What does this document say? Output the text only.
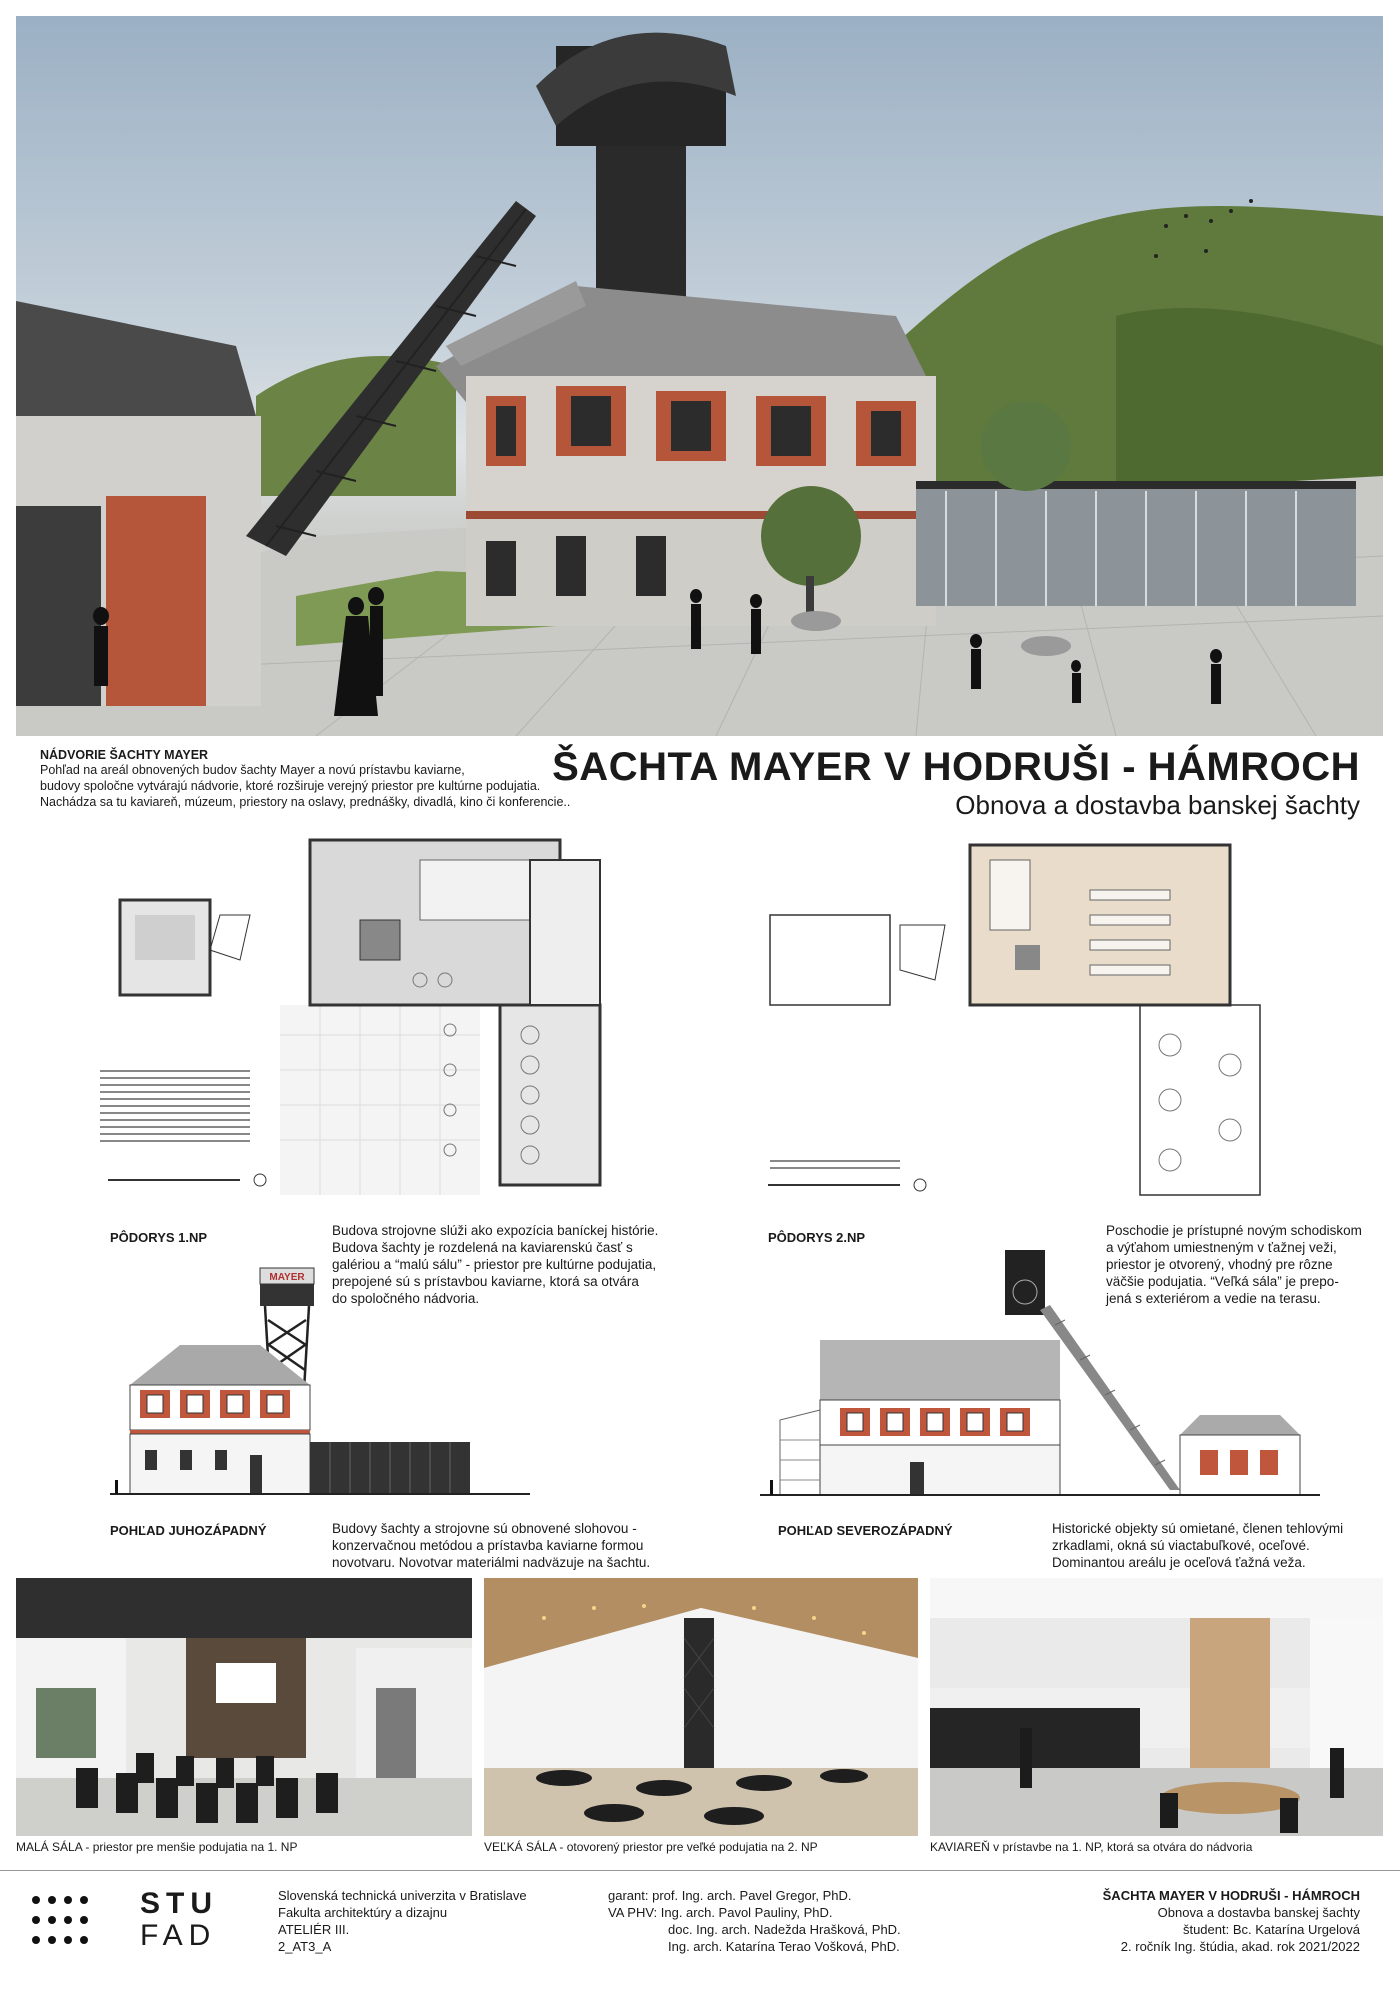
NÁDVORIE ŠACHTY MAYER
Pohľad na areál obnovených budov šachty Mayer a novú prístavbu kaviarne,
budovy spoločne vytvárajú nádvorie, ktoré rozširuje verejný priestor pre kultúrne podujatia.
Nachádza sa tu kaviareň, múzeum, priestory na oslavy, prednášky, divadlá, kino či konferencie..
ŠACHTA MAYER V HODRUŠI - HÁMROCH
Obnova a dostavba banskej šachty
PÔDORYS 1.NP	Budova strojovne slúži ako expozícia baníckej histórie.
Budova šachty je rozdelená na kaviarenskú časť s
galériou a “malú sálu” - priestor pre kultúrne podujatia,
prepojené sú s prístavbou kaviarne, ktorá sa otvára
do spoločného nádvoria.
PÔDORYS 2.NP	Poschodie je prístupné novým schodiskom
a výťahom umiestneným v ťažnej veži,
priestor je otvorený, vhodný pre rôzne
väčšie podujatia. “Veľká sála” je prepo-
jená s exteriérom a vedie na terasu.
MAYER
POHĽAD JUHOZÁPADNÝ	Budovy šachty a strojovne sú obnovené slohovou -
konzervačnou metódou a prístavba kaviarne formou
novotvaru. Novotvar materiálmi nadväzuje na šachtu.
POHĽAD SEVEROZÁPADNÝ	Historické objekty sú omietané, členen tehlovými
zrkadlami, okná sú viactabuľkové, oceľové.
Dominantou areálu je oceľová ťažná veža.
MALÁ SÁLA - priestor pre menšie podujatia na 1. NP	VEĽKÁ SÁLA - otovorený priestor pre veľké podujatia na 2. NP	KAVIAREŇ v prístavbe na 1. NP, ktorá sa otvára do nádvoria
STU
FAD
Slovenská technická univerzita v Bratislave
Fakulta architektúry a dizajnu
ATELIÉR III.
2_AT3_A
garant: prof. Ing. arch. Pavel Gregor, PhD.
VA PHV: Ing. arch. Pavol Pauliny, PhD.
doc. Ing. arch. Nadežda Hrašková, PhD.
Ing. arch. Katarína Terao Vošková, PhD.
ŠACHTA MAYER V HODRUŠI - HÁMROCH
Obnova a dostavba banskej šachty
študent: Bc. Katarína Urgelová
2. ročník Ing. štúdia, akad. rok 2021/2022
